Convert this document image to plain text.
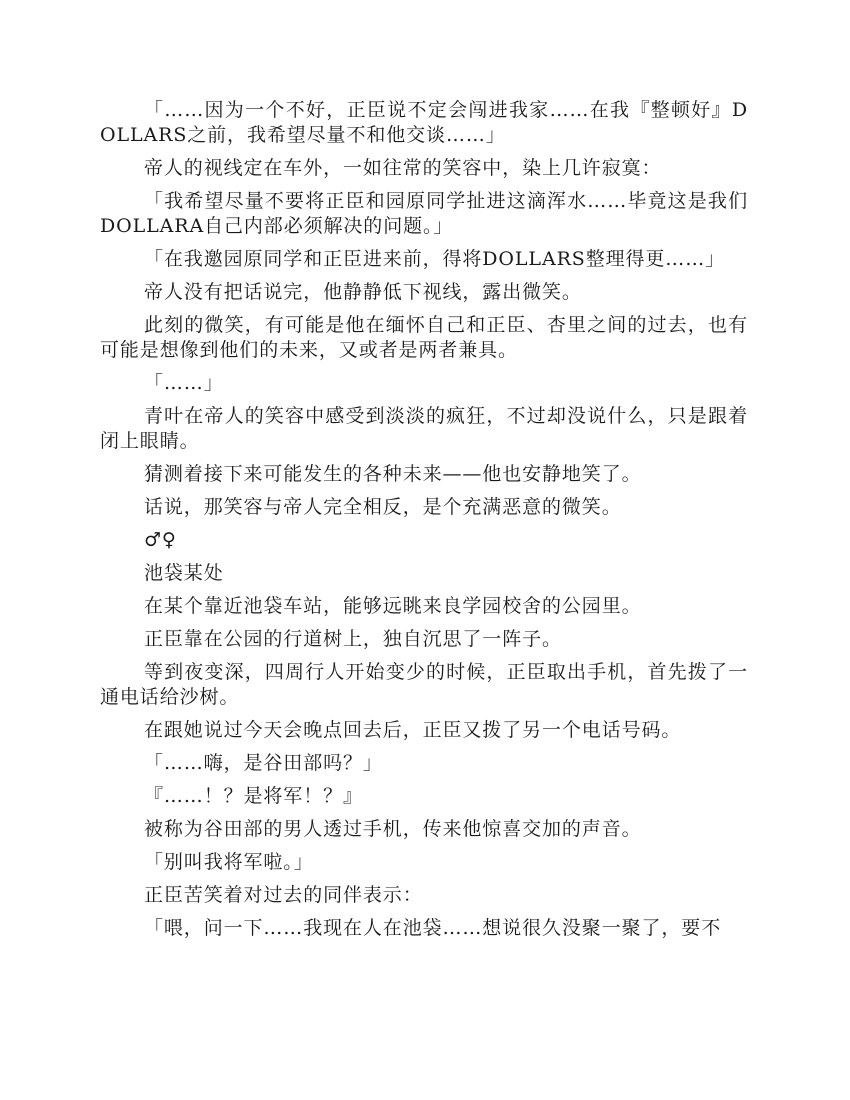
「……因为一个不好，正臣说不定会闯进我家……在我『整顿好』DOLLARS之前，我希望尽量不和他交谈……」

帝人的视线定在车外，一如往常的笑容中，染上几许寂寞：

「我希望尽量不要将正臣和园原同学扯进这滴浑水……毕竟这是我们DOLLARA自己内部必须解决的问题。」

「在我邀园原同学和正臣进来前，得将DOLLARS整理得更……」

帝人没有把话说完，他静静低下视线，露出微笑。

此刻的微笑，有可能是他在缅怀自己和正臣、杏里之间的过去，也有可能是想像到他们的未来，又或者是两者兼具。

「……」

青叶在帝人的笑容中感受到淡淡的疯狂，不过却没说什么，只是跟着闭上眼睛。

猜测着接下来可能发生的各种未来——他也安静地笑了。

话说，那笑容与帝人完全相反，是个充满恶意的微笑。

♂♀

池袋某处

在某个靠近池袋车站，能够远眺来良学园校舍的公园里。

正臣靠在公园的行道树上，独自沉思了一阵子。

等到夜变深，四周行人开始变少的时候，正臣取出手机，首先拨了一通电话给沙树。

在跟她说过今天会晚点回去后，正臣又拨了另一个电话号码。

「……嗨，是谷田部吗？」

『……！？是将军！？』

被称为谷田部的男人透过手机，传来他惊喜交加的声音。

「别叫我将军啦。」

正臣苦笑着对过去的同伴表示：

「喂，问一下……我现在人在池袋……想说很久没聚一聚了，要不
